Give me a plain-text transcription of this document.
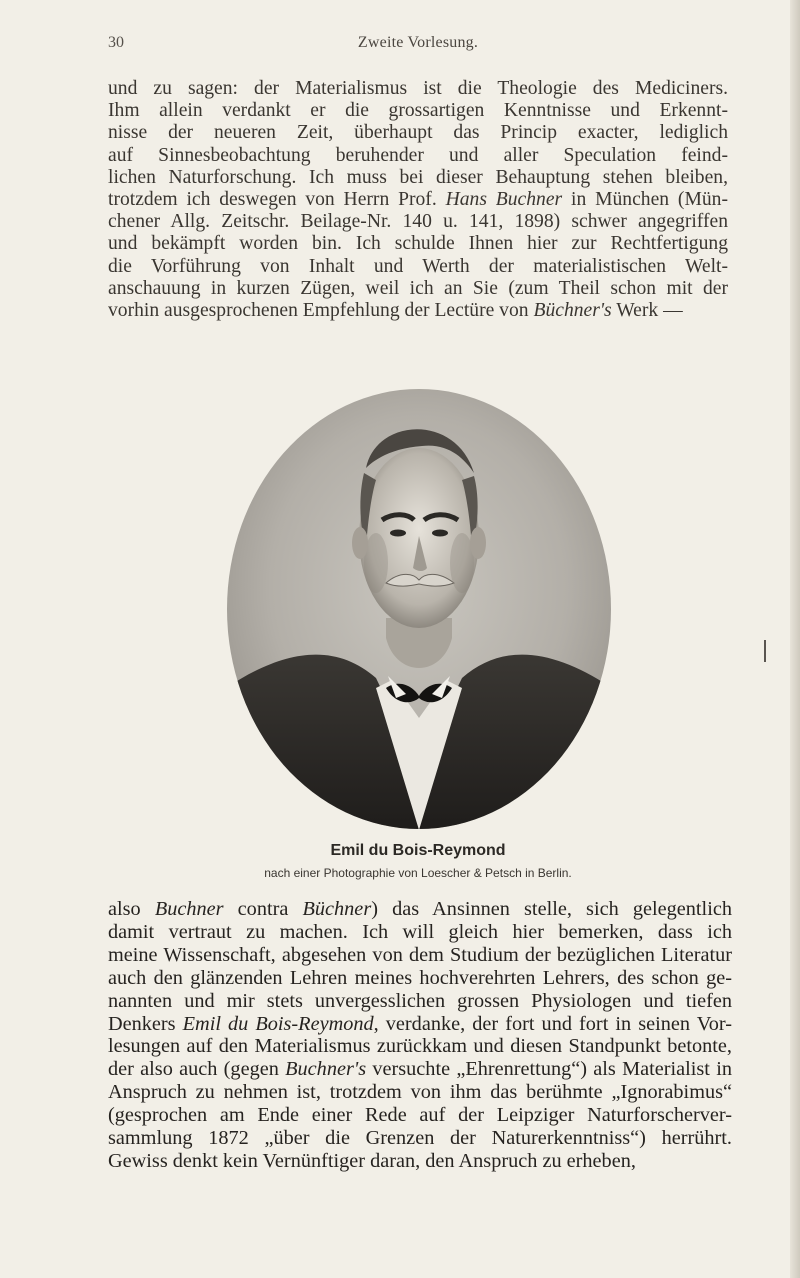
30	Zweite Vorlesung.
und zu sagen: der Materialismus ist die Theologie des Mediciners.
Ihm allein verdankt er die grossartigen Kenntnisse und Erkennt-
nisse der neueren Zeit, überhaupt das Princip exacter, lediglich
auf Sinnesbeobachtung beruhender und aller Speculation feind-
lichen Naturforschung. Ich muss bei dieser Behauptung stehen bleiben,
trotzdem ich deswegen von Herrn Prof. Hans Buchner in München (Mün-
chener Allg. Zeitschr. Beilage-Nr. 140 u. 141, 1898) schwer angegriffen
und bekämpft worden bin. Ich schulde Ihnen hier zur Rechtfertigung
die Vorführung von Inhalt und Werth der materialistischen Welt-
anschauung in kurzen Zügen, weil ich an Sie (zum Theil schon mit der
vorhin ausgesprochenen Empfehlung der Lectüre von Büchner's Werk —
Emil du Bois-Reymond
nach einer Photographie von Loescher & Petsch in Berlin.
also Buchner contra Büchner) das Ansinnen stelle, sich gelegentlich
damit vertraut zu machen. Ich will gleich hier bemerken, dass ich
meine Wissenschaft, abgesehen von dem Studium der bezüglichen Literatur
auch den glänzenden Lehren meines hochverehrten Lehrers, des schon ge-
nannten und mir stets unvergesslichen grossen Physiologen und tiefen
Denkers Emil du Bois-Reymond, verdanke, der fort und fort in seinen Vor-
lesungen auf den Materialismus zurückkam und diesen Standpunkt betonte,
der also auch (gegen Buchner's versuchte „Ehrenrettung“) als Materialist in
Anspruch zu nehmen ist, trotzdem von ihm das berühmte „Ignorabimus“
(gesprochen am Ende einer Rede auf der Leipziger Naturforscherver-
sammlung 1872 „über die Grenzen der Naturerkenntniss“) herrührt.
Gewiss denkt kein Vernünftiger daran, den Anspruch zu erheben,
